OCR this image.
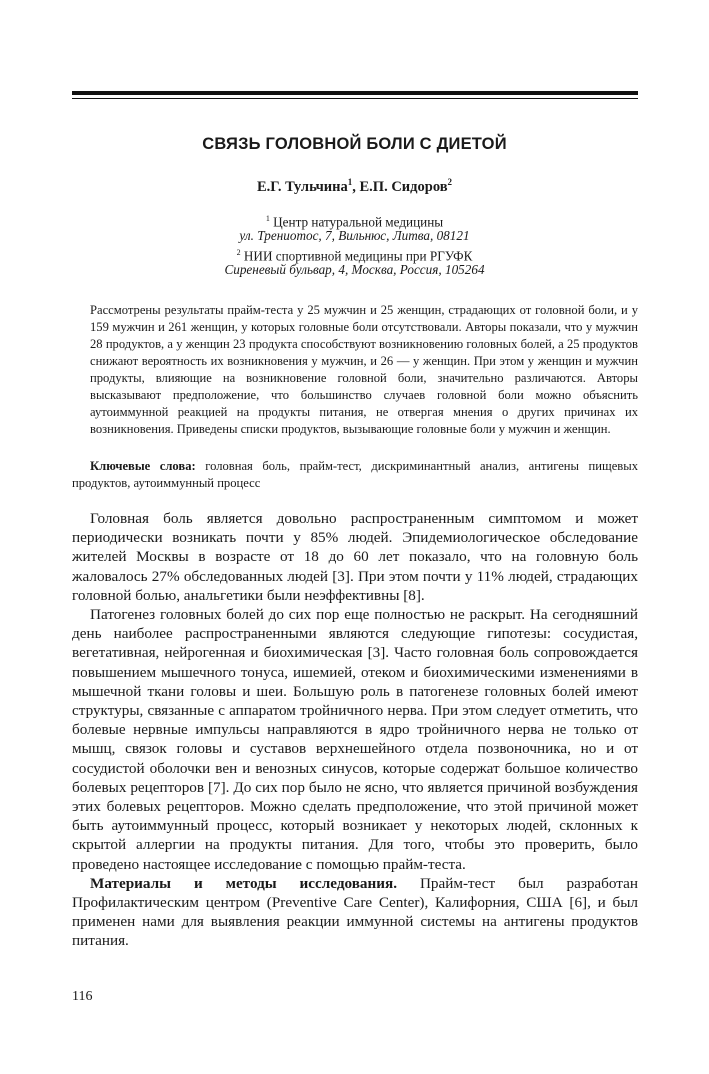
СВЯЗЬ ГОЛОВНОЙ БОЛИ С ДИЕТОЙ
Е.Г. Тульчина$^1$, Е.П. Сидоров$^2$
$^1$ Центр натуральной медицины
ул. Трениотос, 7, Вильнюс, Литва, 08121
$^2$ НИИ спортивной медицины при РГУФК
Сиреневый бульвар, 4, Москва, Россия, 105264
Рассмотрены результаты прайм-теста у 25 мужчин и 25 женщин, страдающих от головной боли, и у 159 мужчин и 261 женщин, у которых головные боли отсутствовали. Авторы показали, что у мужчин 28 продуктов, а у женщин 23 продукта способствуют возникновению головных болей, а 25 продуктов снижают вероятность их возникновения у мужчин, и 26 — у женщин. При этом у женщин и мужчин продукты, влияющие на возникновение головной боли, значительно различаются. Авторы высказывают предположение, что большинство случаев головной боли можно объяснить аутоиммунной реакцией на продукты питания, не отвергая мнения о других причинах их возникновения. Приведены списки продуктов, вызывающие головные боли у мужчин и женщин.
Ключевые слова: головная боль, прайм-тест, дискриминантный анализ, антигены пищевых продуктов, аутоиммунный процесс

Головная боль является довольно распространенным симптомом и может периодически возникать почти у 85% людей. Эпидемиологическое обследование жителей Москвы в возрасте от 18 до 60 лет показало, что на головную боль жаловалось 27% обследованных людей [3]. При этом почти у 11% людей, страдающих головной болью, анальгетики были неэффективны [8].

Патогенез головных болей до сих пор еще полностью не раскрыт. На сегодняшний день наиболее распространенными являются следующие гипотезы: сосудистая, вегетативная, нейрогенная и биохимическая [3]. Часто головная боль сопровождается повышением мышечного тонуса, ишемией, отеком и биохимическими изменениями в мышечной ткани головы и шеи. Большую роль в патогенезе головных болей имеют структуры, связанные с аппаратом тройничного нерва. При этом следует отметить, что болевые нервные импульсы направляются в ядро тройничного нерва не только от мышц, связок головы и суставов верхнешейного отдела позвоночника, но и от сосудистой оболочки вен и венозных синусов, которые содержат большое количество болевых рецепторов [7]. До сих пор было не ясно, что является причиной возбуждения этих болевых рецепторов. Можно сделать предположение, что этой причиной может быть аутоиммунный процесс, который возникает у некоторых людей, склонных к скрытой аллергии на продукты питания. Для того, чтобы это проверить, было проведено настоящее исследование с помощью прайм-теста.

Материалы и методы исследования. Прайм-тест был разработан Профилактическим центром (Preventive Care Center), Калифорния, США [6], и был применен нами для выявления реакции иммунной системы на антигены продуктов питания.

116
